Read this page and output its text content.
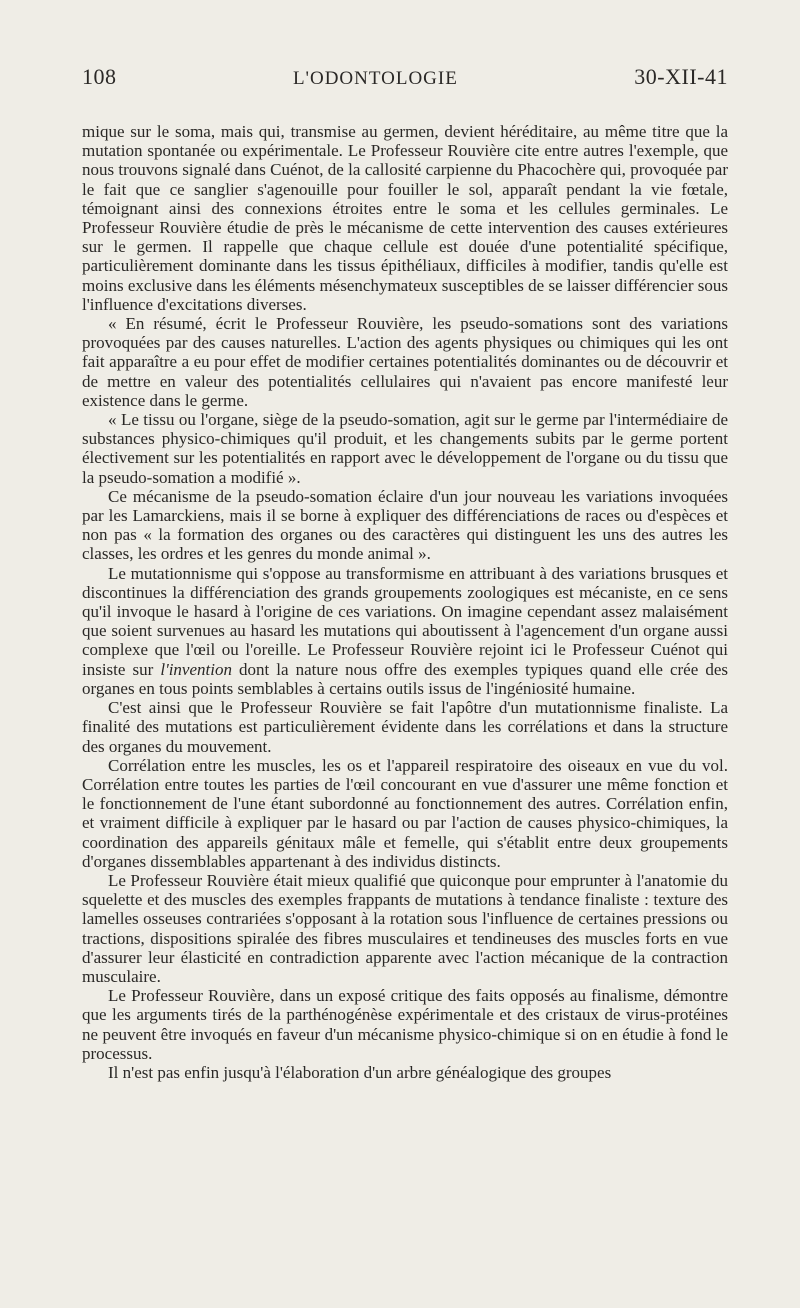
108	L'ODONTOLOGIE	30-XII-41

mique sur le soma, mais qui, transmise au germen, devient héréditaire, au même titre que la mutation spontanée ou expérimentale. Le Professeur Rouvière cite entre autres l'exemple, que nous trouvons signalé dans Cuénot, de la callosité carpienne du Phacochère qui, provoquée par le fait que ce sanglier s'agenouille pour fouiller le sol, apparaît pendant la vie fœtale, témoignant ainsi des connexions étroites entre le soma et les cellules germinales. Le Professeur Rouvière étudie de près le mécanisme de cette intervention des causes extérieures sur le germen. Il rappelle que chaque cellule est douée d'une potentialité spécifique, particulièrement dominante dans les tissus épithéliaux, difficiles à modifier, tandis qu'elle est moins exclusive dans les éléments mésenchymateux susceptibles de se laisser différencier sous l'influence d'excitations diverses.

« En résumé, écrit le Professeur Rouvière, les pseudo-somations sont des variations provoquées par des causes naturelles. L'action des agents physiques ou chimiques qui les ont fait apparaître a eu pour effet de modifier certaines potentialités dominantes ou de découvrir et de mettre en valeur des potentialités cellulaires qui n'avaient pas encore manifesté leur existence dans le germe.

« Le tissu ou l'organe, siège de la pseudo-somation, agit sur le germe par l'intermédiaire de substances physico-chimiques qu'il produit, et les changements subits par le germe portent électivement sur les potentialités en rapport avec le développement de l'organe ou du tissu que la pseudo-somation a modifié ».

Ce mécanisme de la pseudo-somation éclaire d'un jour nouveau les variations invoquées par les Lamarckiens, mais il se borne à expliquer des différenciations de races ou d'espèces et non pas « la formation des organes ou des caractères qui distinguent les uns des autres les classes, les ordres et les genres du monde animal ».

Le mutationnisme qui s'oppose au transformisme en attribuant à des variations brusques et discontinues la différenciation des grands groupements zoologiques est mécaniste, en ce sens qu'il invoque le hasard à l'origine de ces variations. On imagine cependant assez malaisément que soient survenues au hasard les mutations qui aboutissent à l'agencement d'un organe aussi complexe que l'œil ou l'oreille. Le Professeur Rouvière rejoint ici le Professeur Cuénot qui insiste sur l'invention dont la nature nous offre des exemples typiques quand elle crée des organes en tous points semblables à certains outils issus de l'ingéniosité humaine.

C'est ainsi que le Professeur Rouvière se fait l'apôtre d'un mutationnisme finaliste. La finalité des mutations est particulièrement évidente dans les corrélations et dans la structure des organes du mouvement.

Corrélation entre les muscles, les os et l'appareil respiratoire des oiseaux en vue du vol. Corrélation entre toutes les parties de l'œil concourant en vue d'assurer une même fonction et le fonctionnement de l'une étant subordonné au fonctionnement des autres. Corrélation enfin, et vraiment difficile à expliquer par le hasard ou par l'action de causes physico-chimiques, la coordination des appareils génitaux mâle et femelle, qui s'établit entre deux groupements d'organes dissemblables appartenant à des individus distincts.

Le Professeur Rouvière était mieux qualifié que quiconque pour emprunter à l'anatomie du squelette et des muscles des exemples frappants de mutations à tendance finaliste : texture des lamelles osseuses contrariées s'opposant à la rotation sous l'influence de certaines pressions ou tractions, dispositions spiralée des fibres musculaires et tendineuses des muscles forts en vue d'assurer leur élasticité en contradiction apparente avec l'action mécanique de la contraction musculaire.

Le Professeur Rouvière, dans un exposé critique des faits opposés au finalisme, démontre que les arguments tirés de la parthénogénèse expérimentale et des cristaux de virus-protéines ne peuvent être invoqués en faveur d'un mécanisme physico-chimique si on en étudie à fond le processus.

Il n'est pas enfin jusqu'à l'élaboration d'un arbre généalogique des groupes
